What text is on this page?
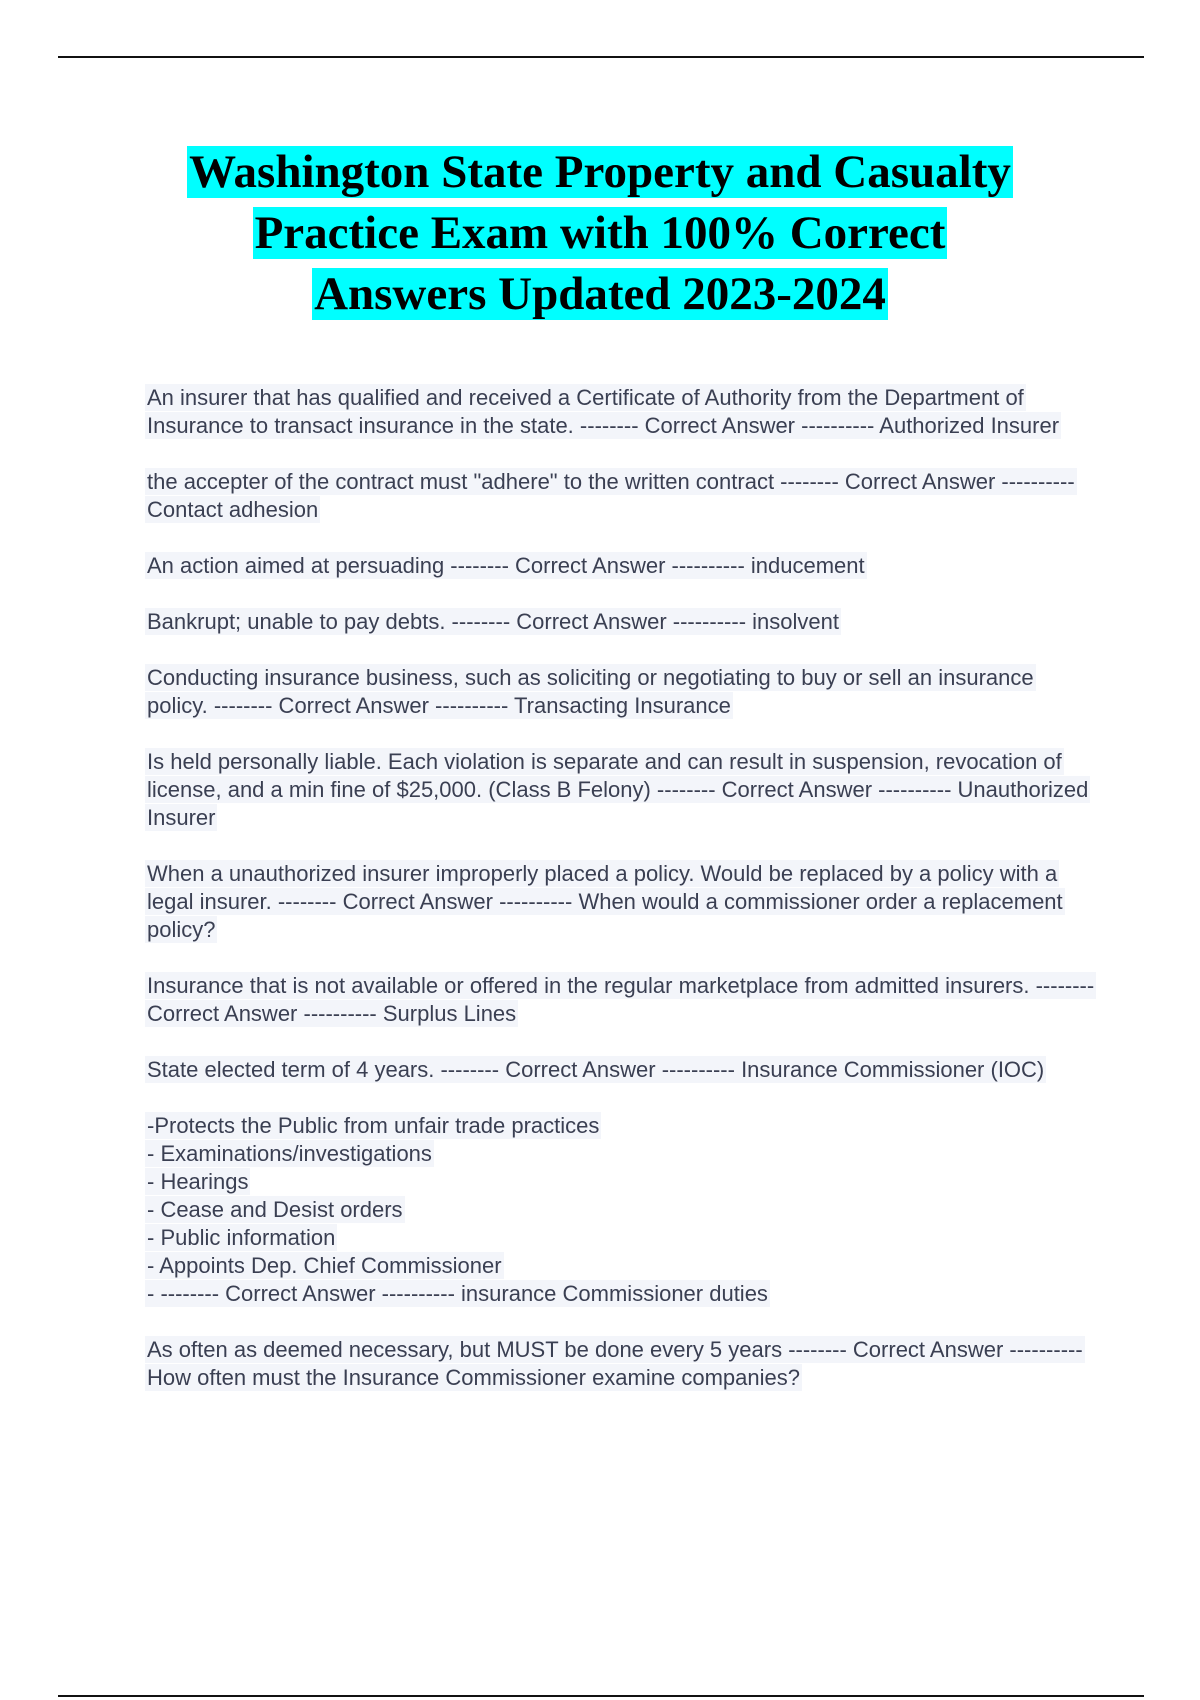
Washington State Property and Casualty
Practice Exam with 100% Correct
Answers Updated 2023-2024

An insurer that has qualified and received a Certificate of Authority from the Department of Insurance to transact insurance in the state. -------- Correct Answer ---------- Authorized Insurer

the accepter of the contract must "adhere" to the written contract -------- Correct Answer ---------- Contact adhesion

An action aimed at persuading -------- Correct Answer ---------- inducement

Bankrupt; unable to pay debts. -------- Correct Answer ---------- insolvent

Conducting insurance business, such as soliciting or negotiating to buy or sell an insurance policy. -------- Correct Answer ---------- Transacting Insurance

Is held personally liable. Each violation is separate and can result in suspension, revocation of license, and a min fine of $25,000. (Class B Felony) -------- Correct Answer ---------- Unauthorized Insurer

When a unauthorized insurer improperly placed a policy. Would be replaced by a policy with a legal insurer. -------- Correct Answer ---------- When would a commissioner order a replacement policy?

Insurance that is not available or offered in the regular marketplace from admitted insurers. -------- Correct Answer ---------- Surplus Lines

State elected term of 4 years. -------- Correct Answer ---------- Insurance Commissioner (IOC)

-Protects the Public from unfair trade practices
- Examinations/investigations
- Hearings
- Cease and Desist orders
- Public information
- Appoints Dep. Chief Commissioner
- -------- Correct Answer ---------- insurance Commissioner duties

As often as deemed necessary, but MUST be done every 5 years -------- Correct Answer ---------- How often must the Insurance Commissioner examine companies?
